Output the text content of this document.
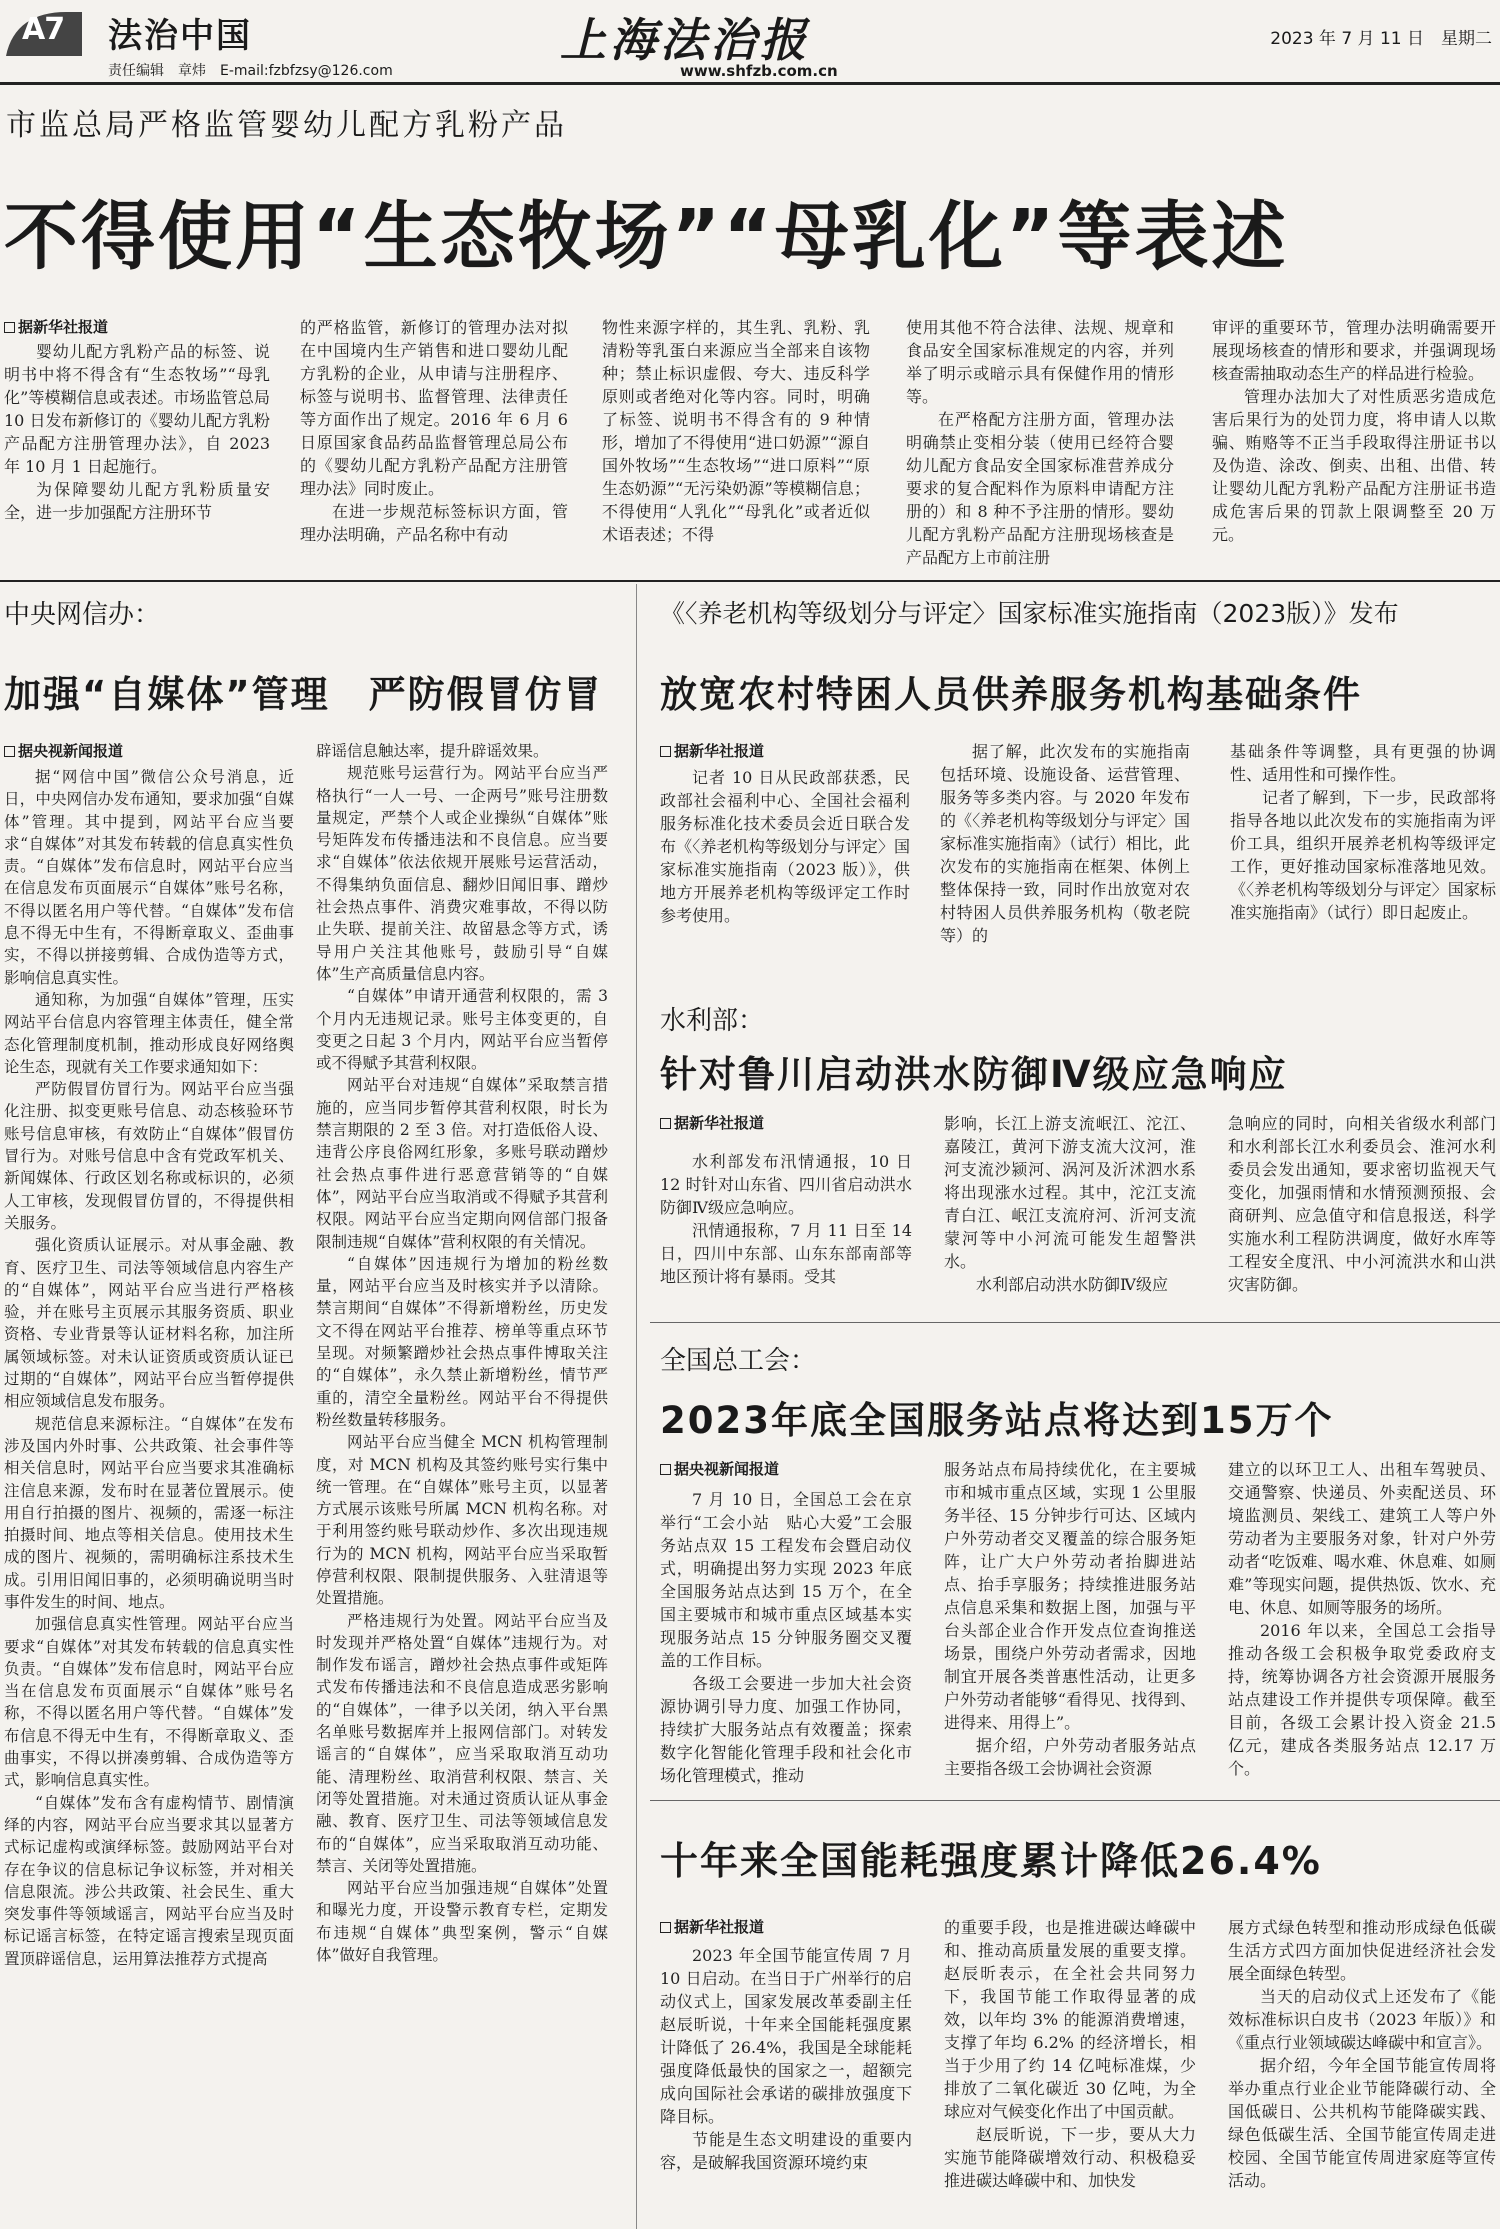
A7 法治中国
责任编辑　章炜　E-mail:fzbfzsy@126.com
上海法治报
www.shfzb.com.cn
2023 年 7 月 11 日　星期二
市监总局严格监管婴幼儿配方乳粉产品
不得使用“生态牧场”“母乳化”等表述
据新华社报道

婴幼儿配方乳粉产品的标签、说明书中将不得含有“生态牧场”“母乳化”等模糊信息或表述。市场监管总局 10 日发布新修订的《婴幼儿配方乳粉产品配方注册管理办法》，自 2023 年 10 月 1 日起施行。

为保障婴幼儿配方乳粉质量安全，进一步加强配方注册环节

的严格监管，新修订的管理办法对拟在中国境内生产销售和进口婴幼儿配方乳粉的企业，从申请与注册程序、标签与说明书、监督管理、法律责任等方面作出了规定。2016 年 6 月 6 日原国家食品药品监督管理总局公布的《婴幼儿配方乳粉产品配方注册管理办法》同时废止。

在进一步规范标签标识方面，管理办法明确，产品名称中有动

物性来源字样的，其生乳、乳粉、乳清粉等乳蛋白来源应当全部来自该物种；禁止标识虚假、夸大、违反科学原则或者绝对化等内容。同时，明确了标签、说明书不得含有的 9 种情形，增加了不得使用“进口奶源”“源自国外牧场”“生态牧场”“进口原料”“原生态奶源”“无污染奶源”等模糊信息；不得使用“人乳化”“母乳化”或者近似术语表述；不得

使用其他不符合法律、法规、规章和食品安全国家标准规定的内容，并列举了明示或暗示具有保健作用的情形等。

在严格配方注册方面，管理办法明确禁止变相分装（使用已经符合婴幼儿配方食品安全国家标准营养成分要求的复合配料作为原料申请配方注册的）和 8 种不予注册的情形。婴幼儿配方乳粉产品配方注册现场核查是产品配方上市前注册

审评的重要环节，管理办法明确需要开展现场核查的情形和要求，并强调现场核查需抽取动态生产的样品进行检验。

管理办法加大了对性质恶劣造成危害后果行为的处罚力度，将申请人以欺骗、贿赂等不正当手段取得注册证书以及伪造、涂改、倒卖、出租、出借、转让婴幼儿配方乳粉产品配方注册证书造成危害后果的罚款上限调整至 20 万元。

中央网信办：
加强“自媒体”管理　严防假冒仿冒
据央视新闻报道

据“网信中国”微信公众号消息，近日，中央网信办发布通知，要求加强“自媒体”管理。其中提到，网站平台应当要求“自媒体”对其发布转载的信息真实性负责。“自媒体”发布信息时，网站平台应当在信息发布页面展示“自媒体”账号名称，不得以匿名用户等代替。“自媒体”发布信息不得无中生有，不得断章取义、歪曲事实，不得以拼接剪辑、合成伪造等方式，影响信息真实性。

通知称，为加强“自媒体”管理，压实网站平台信息内容管理主体责任，健全常态化管理制度机制，推动形成良好网络舆论生态，现就有关工作要求通知如下：

严防假冒仿冒行为。网站平台应当强化注册、拟变更账号信息、动态核验环节账号信息审核，有效防止“自媒体”假冒仿冒行为。对账号信息中含有党政军机关、新闻媒体、行政区划名称或标识的，必须人工审核，发现假冒仿冒的，不得提供相关服务。

强化资质认证展示。对从事金融、教育、医疗卫生、司法等领域信息内容生产的“自媒体”，网站平台应当进行严格核验，并在账号主页展示其服务资质、职业资格、专业背景等认证材料名称，加注所属领域标签。对未认证资质或资质认证已过期的“自媒体”，网站平台应当暂停提供相应领域信息发布服务。

规范信息来源标注。“自媒体”在发布涉及国内外时事、公共政策、社会事件等相关信息时，网站平台应当要求其准确标注信息来源，发布时在显著位置展示。使用自行拍摄的图片、视频的，需逐一标注拍摄时间、地点等相关信息。使用技术生成的图片、视频的，需明确标注系技术生成。引用旧闻旧事的，必须明确说明当时事件发生的时间、地点。

加强信息真实性管理。网站平台应当要求“自媒体”对其发布转载的信息真实性负责。“自媒体”发布信息时，网站平台应当在信息发布页面展示“自媒体”账号名称，不得以匿名用户等代替。“自媒体”发布信息不得无中生有，不得断章取义、歪曲事实，不得以拼凑剪辑、合成伪造等方式，影响信息真实性。

“自媒体”发布含有虚构情节、剧情演绎的内容，网站平台应当要求其以显著方式标记虚构或演绎标签。鼓励网站平台对存在争议的信息标记争议标签，并对相关信息限流。涉公共政策、社会民生、重大突发事件等领域谣言，网站平台应当及时标记谣言标签，在特定谣言搜索呈现页面置顶辟谣信息，运用算法推荐方式提高

辟谣信息触达率，提升辟谣效果。

规范账号运营行为。网站平台应当严格执行“一人一号、一企两号”账号注册数量规定，严禁个人或企业操纵“自媒体”账号矩阵发布传播违法和不良信息。应当要求“自媒体”依法依规开展账号运营活动，不得集纳负面信息、翻炒旧闻旧事、蹭炒社会热点事件、消费灾难事故，不得以防止失联、提前关注、故留悬念等方式，诱导用户关注其他账号，鼓励引导“自媒体”生产高质量信息内容。

“自媒体”申请开通营利权限的，需 3 个月内无违规记录。账号主体变更的，自变更之日起 3 个月内，网站平台应当暂停或不得赋予其营利权限。

网站平台对违规“自媒体”采取禁言措施的，应当同步暂停其营利权限，时长为禁言期限的 2 至 3 倍。对打造低俗人设、违背公序良俗网红形象，多账号联动蹭炒社会热点事件进行恶意营销等的“自媒体”，网站平台应当取消或不得赋予其营利权限。网站平台应当定期向网信部门报备限制违规“自媒体”营利权限的有关情况。

“自媒体”因违规行为增加的粉丝数量，网站平台应当及时核实并予以清除。禁言期间“自媒体”不得新增粉丝，历史发文不得在网站平台推荐、榜单等重点环节呈现。对频繁蹭炒社会热点事件博取关注的“自媒体”，永久禁止新增粉丝，情节严重的，清空全量粉丝。网站平台不得提供粉丝数量转移服务。

网站平台应当健全 MCN 机构管理制度，对 MCN 机构及其签约账号实行集中统一管理。在“自媒体”账号主页，以显著方式展示该账号所属 MCN 机构名称。对于利用签约账号联动炒作、多次出现违规行为的 MCN 机构，网站平台应当采取暂停营利权限、限制提供服务、入驻清退等处置措施。

严格违规行为处置。网站平台应当及时发现并严格处置“自媒体”违规行为。对制作发布谣言，蹭炒社会热点事件或矩阵式发布传播违法和不良信息造成恶劣影响的“自媒体”，一律予以关闭，纳入平台黑名单账号数据库并上报网信部门。对转发谣言的“自媒体”，应当采取取消互动功能、清理粉丝、取消营利权限、禁言、关闭等处置措施。对未通过资质认证从事金融、教育、医疗卫生、司法等领域信息发布的“自媒体”，应当采取取消互动功能、禁言、关闭等处置措施。

网站平台应当加强违规“自媒体”处置和曝光力度，开设警示教育专栏，定期发布违规“自媒体”典型案例，警示“自媒体”做好自我管理。

《〈养老机构等级划分与评定〉国家标准实施指南（2023版）》发布
放宽农村特困人员供养服务机构基础条件
据新华社报道

记者 10 日从民政部获悉，民政部社会福利中心、全国社会福利服务标准化技术委员会近日联合发布《〈养老机构等级划分与评定〉国家标准实施指南（2023 版）》，供地方开展养老机构等级评定工作时参考使用。

据了解，此次发布的实施指南包括环境、设施设备、运营管理、服务等多类内容。与 2020 年发布的《〈养老机构等级划分与评定〉国家标准实施指南》（试行）相比，此次发布的实施指南在框架、体例上整体保持一致，同时作出放宽对农村特困人员供养服务机构（敬老院等）的

基础条件等调整，具有更强的协调性、适用性和可操作性。

记者了解到，下一步，民政部将指导各地以此次发布的实施指南为评价工具，组织开展养老机构等级评定工作，更好推动国家标准落地见效。《〈养老机构等级划分与评定〉国家标准实施指南》（试行）即日起废止。

水利部：
针对鲁川启动洪水防御Ⅳ级应急响应
据新华社报道

水利部发布汛情通报，10 日 12 时针对山东省、四川省启动洪水防御Ⅳ级应急响应。

汛情通报称，7 月 11 日至 14 日，四川中东部、山东东部南部等地区预计将有暴雨。受其

影响，长江上游支流岷江、沱江、嘉陵江，黄河下游支流大汶河，淮河支流沙颍河、涡河及沂沭泗水系将出现涨水过程。其中，沱江支流青白江、岷江支流府河、沂河支流蒙河等中小河流可能发生超警洪水。

水利部启动洪水防御Ⅳ级应

急响应的同时，向相关省级水利部门和水利部长江水利委员会、淮河水利委员会发出通知，要求密切监视天气变化，加强雨情和水情预测预报、会商研判、应急值守和信息报送，科学实施水利工程防洪调度，做好水库等工程安全度汛、中小河流洪水和山洪灾害防御。

全国总工会：
2023年底全国服务站点将达到15万个
据央视新闻报道

7 月 10 日，全国总工会在京举行“工会小站　贴心大爱”工会服务站点双 15 工程发布会暨启动仪式，明确提出努力实现 2023 年底全国服务站点达到 15 万个，在全国主要城市和城市重点区域基本实现服务站点 15 分钟服务圈交叉覆盖的工作目标。

各级工会要进一步加大社会资源协调引导力度、加强工作协同，持续扩大服务站点有效覆盖；探索数字化智能化管理手段和社会化市场化管理模式，推动

服务站点布局持续优化，在主要城市和城市重点区域，实现 1 公里服务半径、15 分钟步行可达、区域内户外劳动者交叉覆盖的综合服务矩阵，让广大户外劳动者抬脚进站点、抬手享服务；持续推进服务站点信息采集和数据上图，加强与平台头部企业合作开发点位查询推送场景，围绕户外劳动者需求，因地制宜开展各类普惠性活动，让更多户外劳动者能够“看得见、找得到、进得来、用得上”。

据介绍，户外劳动者服务站点主要指各级工会协调社会资源

建立的以环卫工人、出租车驾驶员、交通警察、快递员、外卖配送员、环境监测员、架线工、建筑工人等户外劳动者为主要服务对象，针对户外劳动者“吃饭难、喝水难、休息难、如厕难”等现实问题，提供热饭、饮水、充电、休息、如厕等服务的场所。

2016 年以来，全国总工会指导推动各级工会积极争取党委政府支持，统筹协调各方社会资源开展服务站点建设工作并提供专项保障。截至目前，各级工会累计投入资金 21.5 亿元，建成各类服务站点 12.17 万个。

十年来全国能耗强度累计降低26.4%
据新华社报道

2023 年全国节能宣传周 7 月 10 日启动。在当日于广州举行的启动仪式上，国家发展改革委副主任赵辰昕说，十年来全国能耗强度累计降低了 26.4%，我国是全球能耗强度降低最快的国家之一，超额完成向国际社会承诺的碳排放强度下降目标。

节能是生态文明建设的重要内容，是破解我国资源环境约束

的重要手段，也是推进碳达峰碳中和、推动高质量发展的重要支撑。赵辰昕表示，在全社会共同努力下，我国节能工作取得显著的成效，以年均 3% 的能源消费增速，支撑了年均 6.2% 的经济增长，相当于少用了约 14 亿吨标准煤，少排放了二氧化碳近 30 亿吨，为全球应对气候变化作出了中国贡献。

赵辰昕说，下一步，要从大力实施节能降碳增效行动、积极稳妥推进碳达峰碳中和、加快发

展方式绿色转型和推动形成绿色低碳生活方式四方面加快促进经济社会发展全面绿色转型。

当天的启动仪式上还发布了《能效标准标识白皮书（2023 年版）》和《重点行业领域碳达峰碳中和宣言》。

据介绍，今年全国节能宣传周将举办重点行业企业节能降碳行动、全国低碳日、公共机构节能降碳实践、绿色低碳生活、全国节能宣传周走进校园、全国节能宣传周进家庭等宣传活动。
